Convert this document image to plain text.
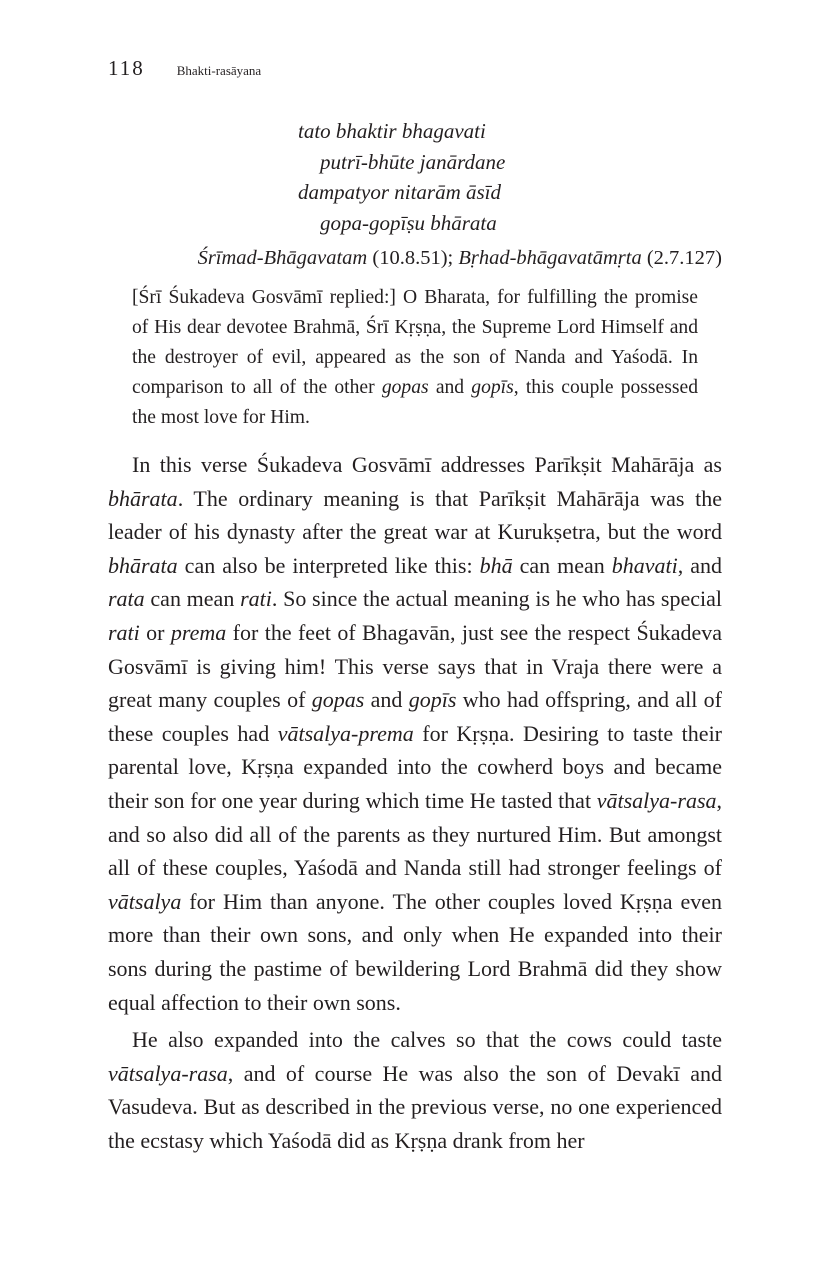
118 Bhakti-rasāyana
tato bhaktir bhagavati
putrī-bhūte janārdane
dampatyor nitarām āsīd
gopa-gopīṣu bhārata
Śrīmad-Bhāgavatam (10.8.51); Bṛhad-bhāgavatāmṛta (2.7.127)
[Śrī Śukadeva Gosvāmī replied:] O Bharata, for fulfilling the promise of His dear devotee Brahmā, Śrī Kṛṣṇa, the Supreme Lord Himself and the destroyer of evil, appeared as the son of Nanda and Yaśodā. In comparison to all of the other gopas and gopīs, this couple possessed the most love for Him.

In this verse Śukadeva Gosvāmī addresses Parīkṣit Mahārāja as bhārata. The ordinary meaning is that Parīkṣit Mahārāja was the leader of his dynasty after the great war at Kurukṣetra, but the word bhārata can also be interpreted like this: bhā can mean bhavati, and rata can mean rati. So since the actual meaning is he who has special rati or prema for the feet of Bhagavān, just see the respect Śukadeva Gosvāmī is giving him! This verse says that in Vraja there were a great many couples of gopas and gopīs who had offspring, and all of these couples had vātsalya-prema for Kṛṣṇa. Desiring to taste their parental love, Kṛṣṇa expanded into the cowherd boys and became their son for one year during which time He tasted that vātsalya-rasa, and so also did all of the parents as they nurtured Him. But amongst all of these couples, Yaśodā and Nanda still had stronger feelings of vātsalya for Him than anyone. The other couples loved Kṛṣṇa even more than their own sons, and only when He expanded into their sons during the pastime of bewildering Lord Brahmā did they show equal affection to their own sons.

He also expanded into the calves so that the cows could taste vātsalya-rasa, and of course He was also the son of Devakī and Vasudeva. But as described in the previous verse, no one experienced the ecstasy which Yaśodā did as Kṛṣṇa drank from her
